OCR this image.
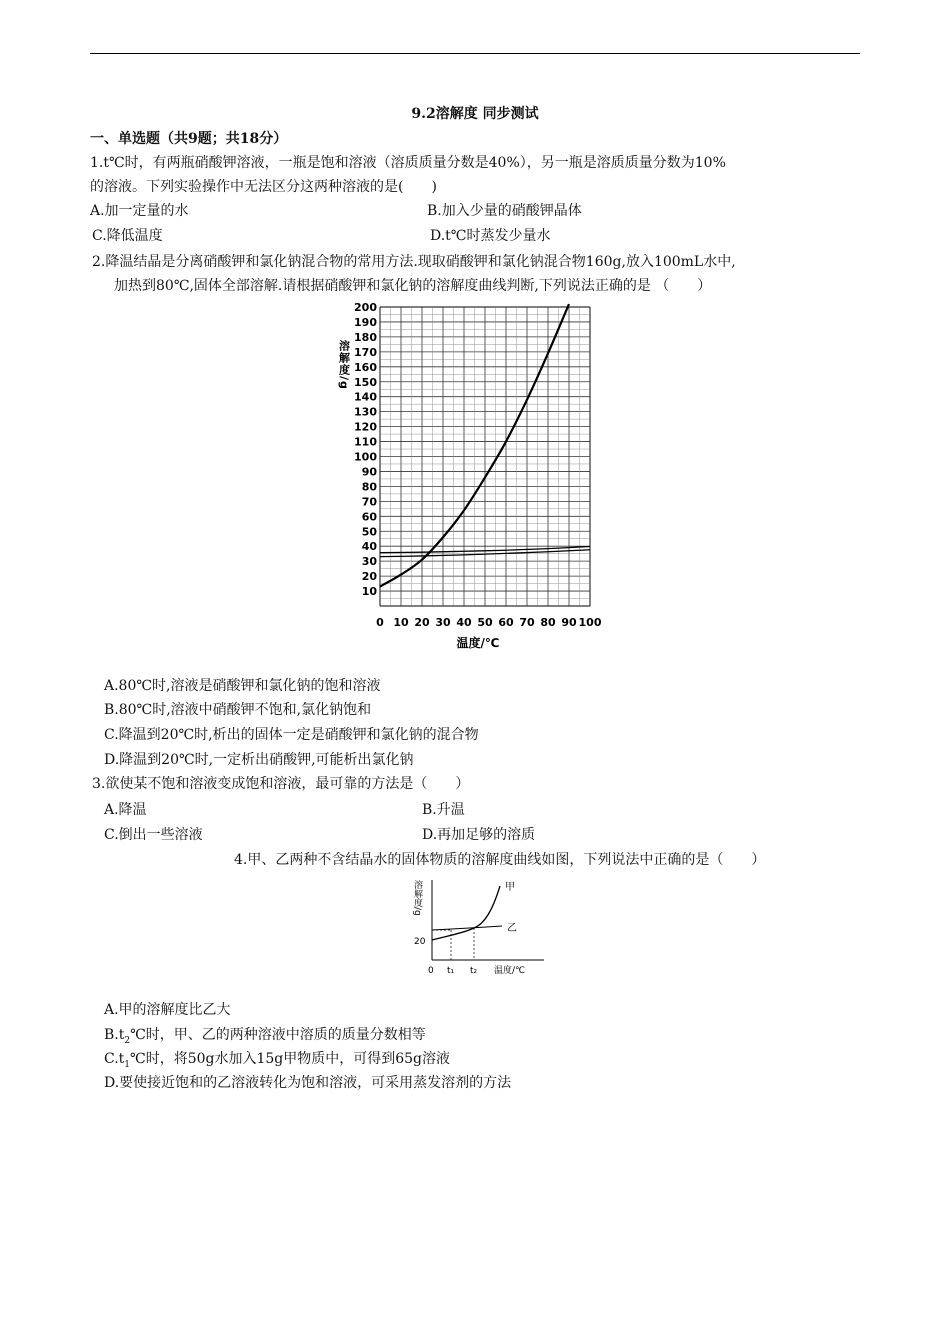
9.2溶解度 同步测试
一、单选题（共9题；共18分）
1.t℃时，有两瓶硝酸钾溶液，一瓶是饱和溶液（溶质质量分数是40%），另一瓶是溶质质量分数为10%
的溶液。下列实验操作中无法区分这两种溶液的是(　　)
A.加一定量的水	B.加入少量的硝酸钾晶体
C.降低温度	D.t℃时蒸发少量水
2.降温结晶是分离硝酸钾和氯化钠混合物的常用方法.现取硝酸钾和氯化钠混合物160g,放入100mL水中,
加热到80℃,固体全部溶解.请根据硝酸钾和氯化钠的溶解度曲线判断,下列说法正确的是 （　　）
10
20
30
40
50
60
70
80
90
100
110
120
130
140
150
160
170
180
190
200
0 10 20 30 40 50 60 70 80 90 100
溶解度/g
温度/℃
A.80℃时,溶液是硝酸钾和氯化钠的饱和溶液
B.80℃时,溶液中硝酸钾不饱和,氯化钠饱和
C.降温到20℃时,析出的固体一定是硝酸钾和氯化钠的混合物
D.降温到20℃时,一定析出硝酸钾,可能析出氯化钠
3.欲使某不饱和溶液变成饱和溶液，最可靠的方法是（　　）
A.降温	B.升温
C.倒出一些溶液	D.再加足够的溶质
4.甲、乙两种不含结晶水的固体物质的溶解度曲线如图，下列说法中正确的是（　　）
溶解度/g
20
甲
乙
0 t₁ t₂ 温度/℃
A.甲的溶解度比乙大
$B.t_2℃$时，甲、乙的两种溶液中溶质的质量分数相等
$C.t_1℃$时，将50g水加入15g甲物质中，可得到65g溶液
D.要使接近饱和的乙溶液转化为饱和溶液，可采用蒸发溶剂的方法
